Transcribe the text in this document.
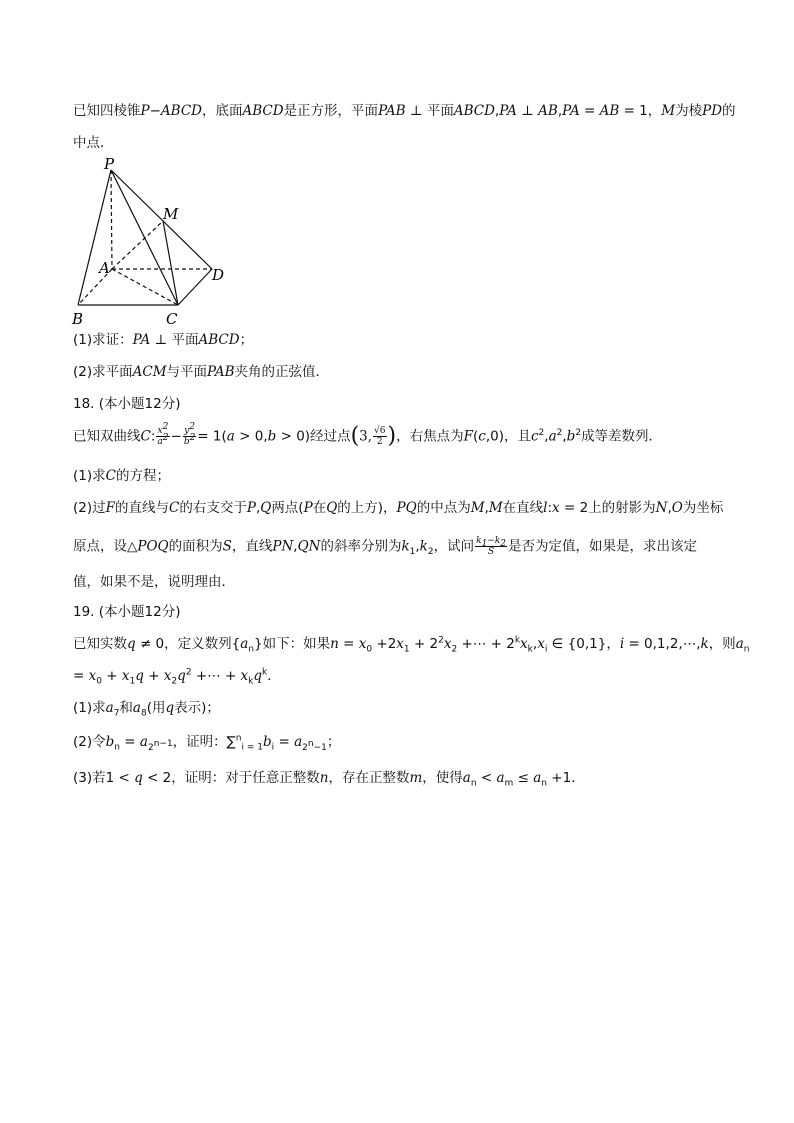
已知四棱锥P−ABCD，底面ABCD是正方形，平面PAB ⊥ 平面ABCD,PA ⊥ AB,PA = AB = 1，M为棱PD的
中点．
P
M
A	D
B	C
(1)求证：PA ⊥ 平面ABCD；
(2)求平面ACM与平面PAB夹角的正弦值．
18. (本小题12分)
已知双曲线C: $\frac{x^2}{a^2} - \frac{y^2}{b^2} = 1(a > 0,b > 0)$经过点(3, $\frac{√6}{2}$ )，右焦点为F(c,0)，且$c^2,a^2,b^2$成等差数列．
(1)求C的方程；
(2)过F的直线与C的右支交于P,Q两点(P在Q的上方)，PQ的中点为M,M在直线l:x = 2上的射影为N,O为坐标
原点，设△POQ的面积为S，直线PN,QN的斜率分别为$k_1,k_2$，试问 $\frac{k_1-k_2}{S}$ 是否为定值，如果是，求出该定
值，如果不是，说明理由．
19. (本小题12分)
已知实数q ≠ 0，定义数列$\{a_n\}$如下：如果$n = x_0 +2x_1 + 2^2x_2$ +⋯ + $2^kx_k,x_i$ ∈ {0,1}，i = 0,1,2,⋯,k，则$a_n$
= $x_0 + x_1q + x_2q^2$ +⋯ + $x_kq^k$．
(1)求$a_7$和$a_8$(用q表示)；
(2)令$b_n = a_{2^{n-1}}$，证明：$\sum^n_{i = 1}b_i = a_{2^n-1}$；
(3)若1 < q < 2，证明：对于任意正整数n，存在正整数m，使得$a_n < a_m \le a_n +1$．
